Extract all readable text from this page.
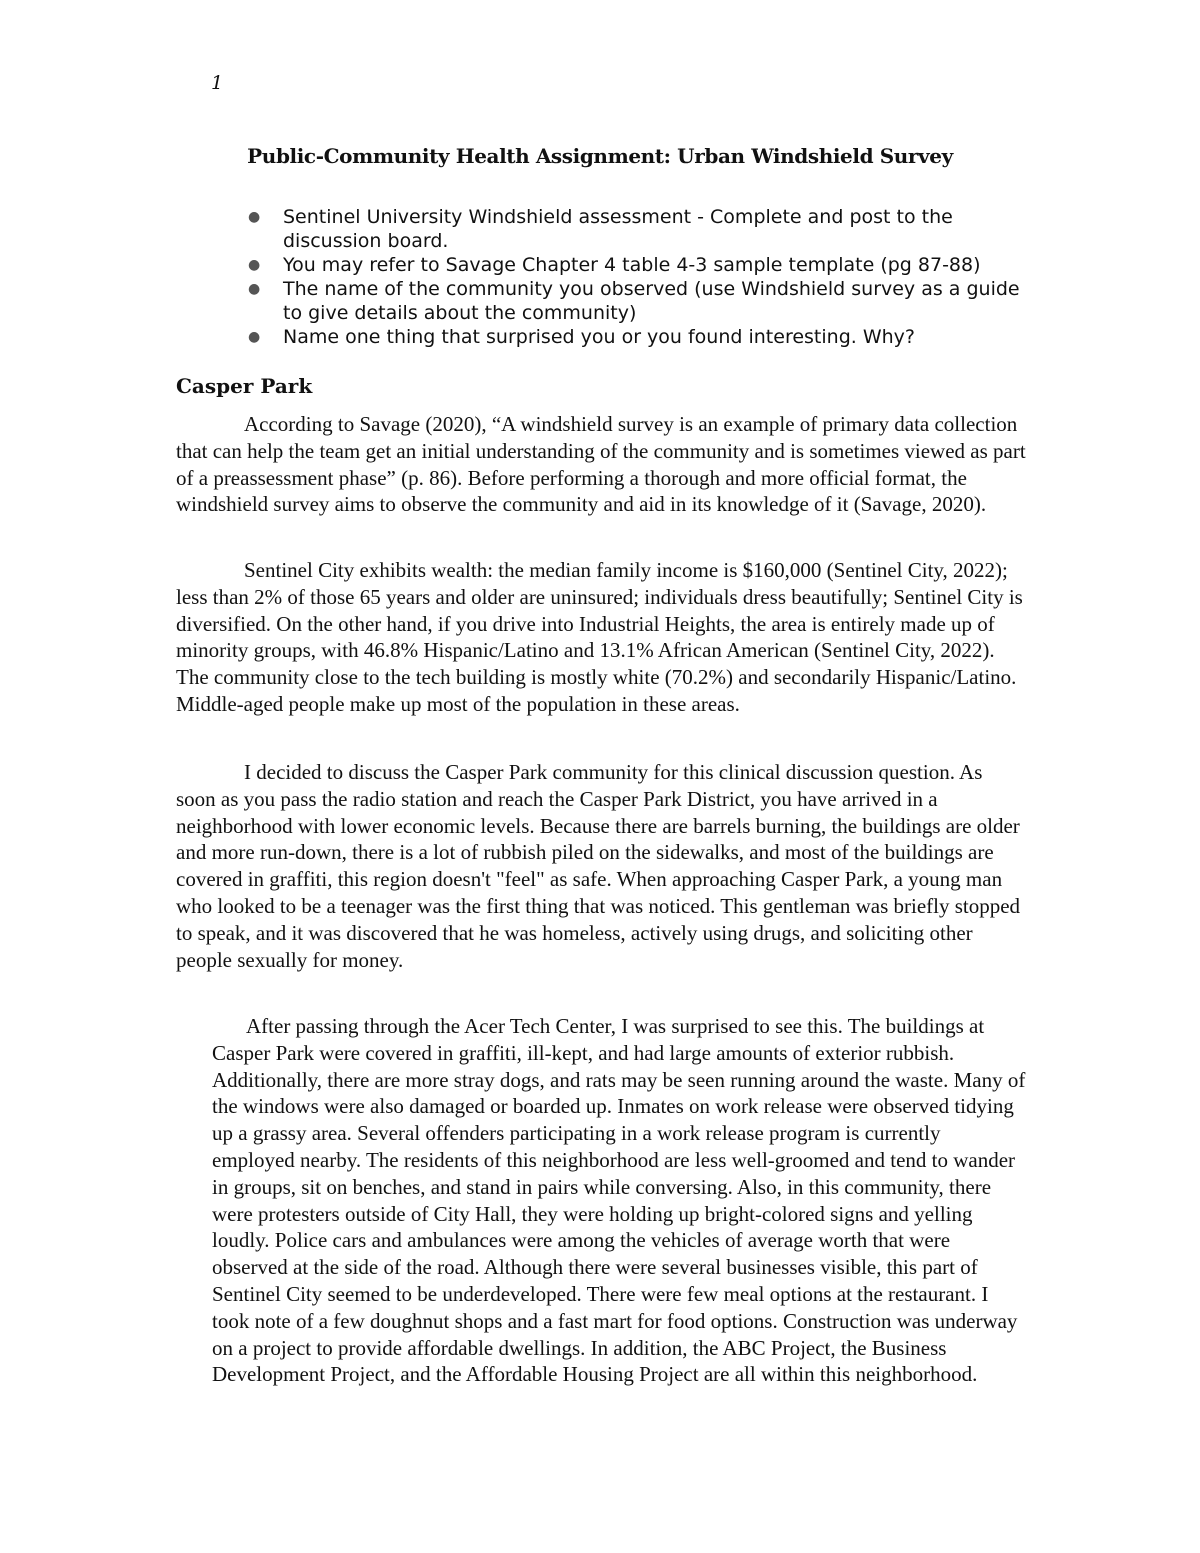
1
Public-Community Health Assignment: Urban Windshield Survey
● Sentinel University Windshield assessment - Complete and post to the discussion board.
● You may refer to Savage Chapter 4 table 4-3 sample template (pg 87-88)
● The name of the community you observed (use Windshield survey as a guide to give details about the community)
● Name one thing that surprised you or you found interesting. Why?
Casper Park

According to Savage (2020), “A windshield survey is an example of primary data collection that can help the team get an initial understanding of the community and is sometimes viewed as part of a preassessment phase” (p. 86). Before performing a thorough and more official format, the windshield survey aims to observe the community and aid in its knowledge of it (Savage, 2020).

Sentinel City exhibits wealth: the median family income is $160,000 (Sentinel City, 2022); less than 2% of those 65 years and older are uninsured; individuals dress beautifully; Sentinel City is diversified. On the other hand, if you drive into Industrial Heights, the area is entirely made up of minority groups, with 46.8% Hispanic/Latino and 13.1% African American (Sentinel City, 2022). The community close to the tech building is mostly white (70.2%) and secondarily Hispanic/Latino. Middle-aged people make up most of the population in these areas.

I decided to discuss the Casper Park community for this clinical discussion question. As soon as you pass the radio station and reach the Casper Park District, you have arrived in a neighborhood with lower economic levels. Because there are barrels burning, the buildings are older and more run-down, there is a lot of rubbish piled on the sidewalks, and most of the buildings are covered in graffiti, this region doesn't "feel" as safe. When approaching Casper Park, a young man who looked to be a teenager was the first thing that was noticed. This gentleman was briefly stopped to speak, and it was discovered that he was homeless, actively using drugs, and soliciting other people sexually for money.

After passing through the Acer Tech Center, I was surprised to see this. The buildings at Casper Park were covered in graffiti, ill-kept, and had large amounts of exterior rubbish. Additionally, there are more stray dogs, and rats may be seen running around the waste. Many of the windows were also damaged or boarded up. Inmates on work release were observed tidying up a grassy area. Several offenders participating in a work release program is currently employed nearby. The residents of this neighborhood are less well-groomed and tend to wander in groups, sit on benches, and stand in pairs while conversing. Also, in this community, there were protesters outside of City Hall, they were holding up bright-colored signs and yelling loudly. Police cars and ambulances were among the vehicles of average worth that were observed at the side of the road. Although there were several businesses visible, this part of Sentinel City seemed to be underdeveloped. There were few meal options at the restaurant. I took note of a few doughnut shops and a fast mart for food options. Construction was underway on a project to provide affordable dwellings. In addition, the ABC Project, the Business Development Project, and the Affordable Housing Project are all within this neighborhood.
